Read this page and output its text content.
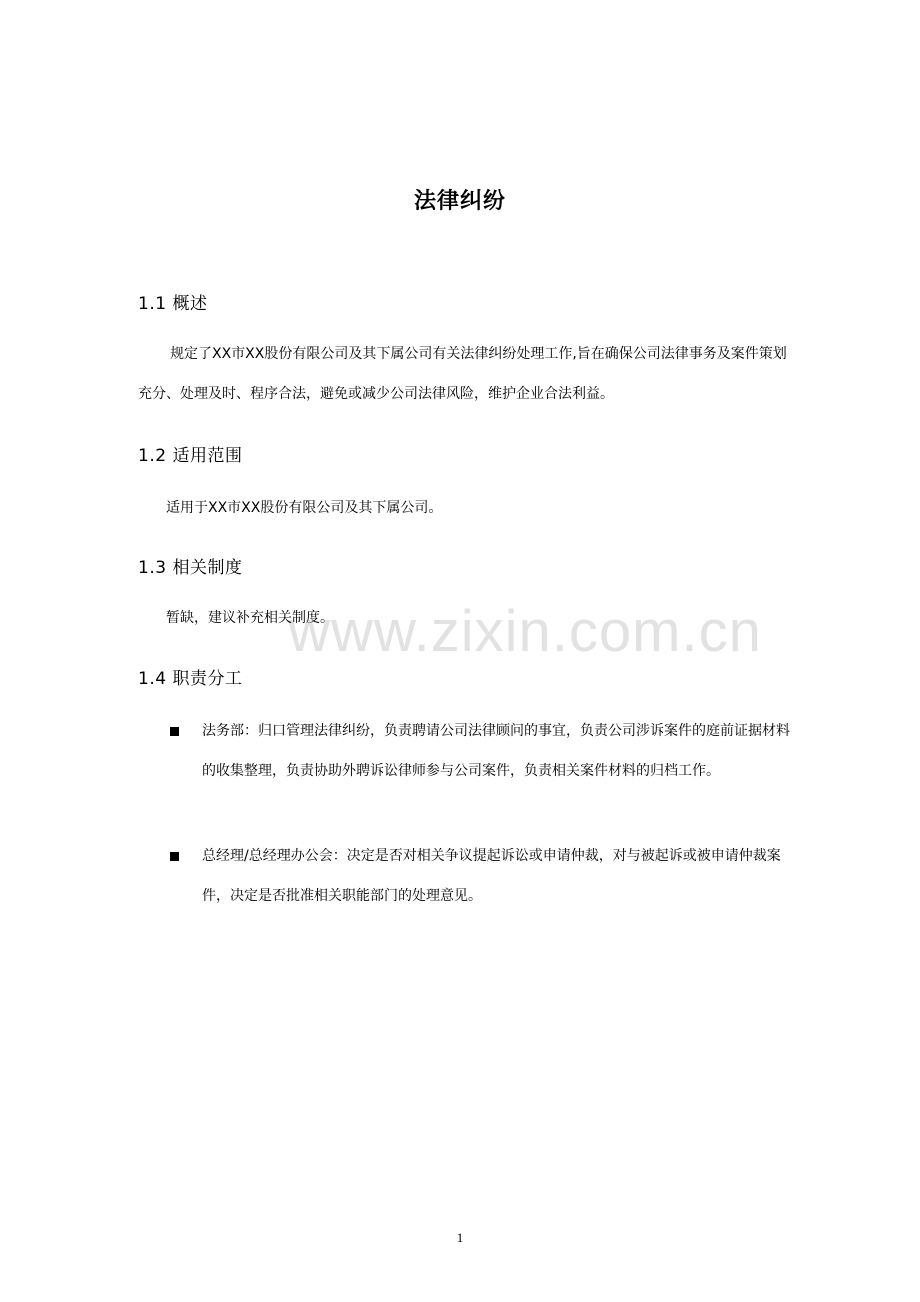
www.zixin.com.cn
法律纠纷
1.1 概述
规定了XX市XX股份有限公司及其下属公司有关法律纠纷处理工作,旨在确保公司法律事务及案件策划充分、处理及时、程序合法，避免或减少公司法律风险，维护企业合法利益。
1.2 适用范围
适用于XX市XX股份有限公司及其下属公司。
1.3 相关制度
暂缺，建议补充相关制度。
1.4 职责分工
法务部：归口管理法律纠纷，负责聘请公司法律顾问的事宜，负责公司涉诉案件的庭前证据材料的收集整理，负责协助外聘诉讼律师参与公司案件，负责相关案件材料的归档工作。
总经理/总经理办公会：决定是否对相关争议提起诉讼或申请仲裁，对与被起诉或被申请仲裁案件，决定是否批准相关职能部门的处理意见。
1
